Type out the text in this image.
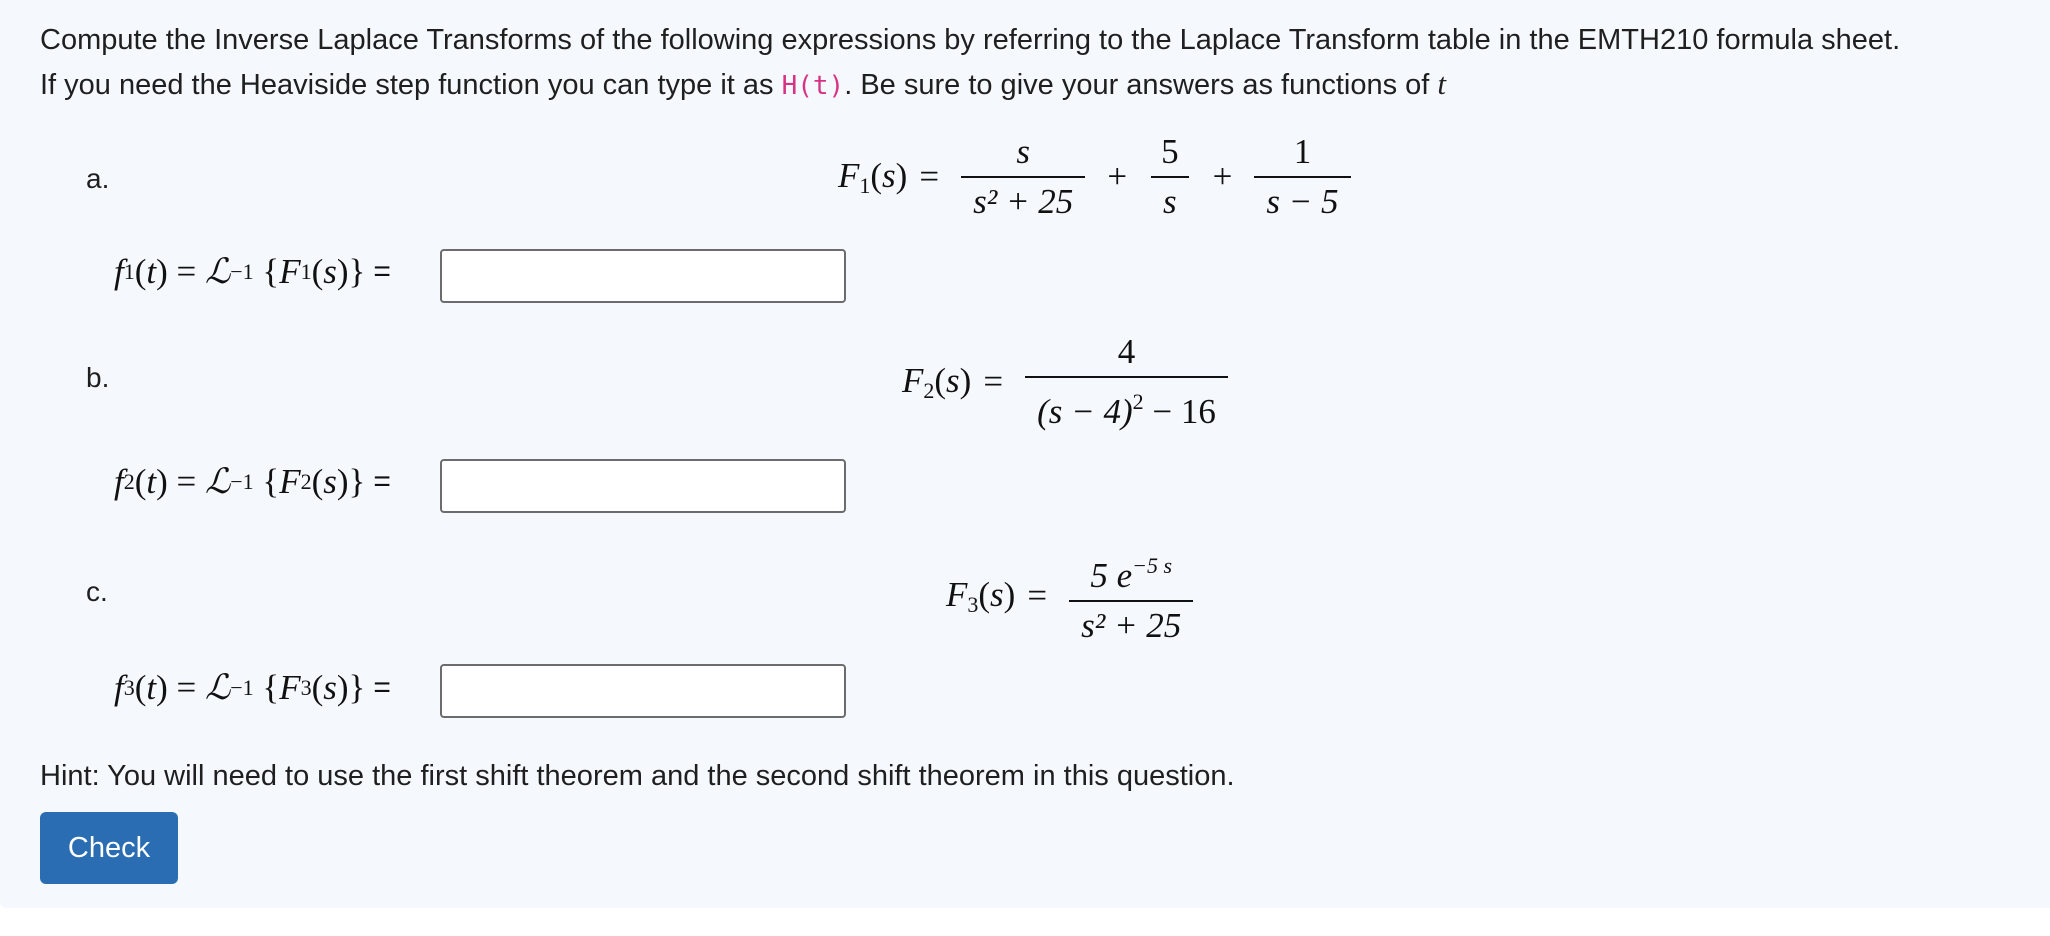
Compute the Inverse Laplace Transforms of the following expressions by referring to the Laplace Transform table in the EMTH210 formula sheet.
If you need the Heaviside step function you can type it as H(t). Be sure to give your answers as functions of t
a.	$F_1(s) = \frac{s}{\text{s² + 25}} + \frac{5}{s} + \frac{1}{s - 5}$
f 1 ( t ) = ℒ −1 { F 1 ( s )} =
b.	$F_2(s) = \frac{4}{(s - 4)^2 - 16}$
f 2 ( t ) = ℒ −1 { F 2 ( s )} =
c.	$F_3(s) = \frac{5 e^{-5 s}}{\text{s² + 25}}$
f 3 ( t ) = ℒ −1 { F 3 ( s )} =
Hint: You will need to use the first shift theorem and the second shift theorem in this question.
Check
